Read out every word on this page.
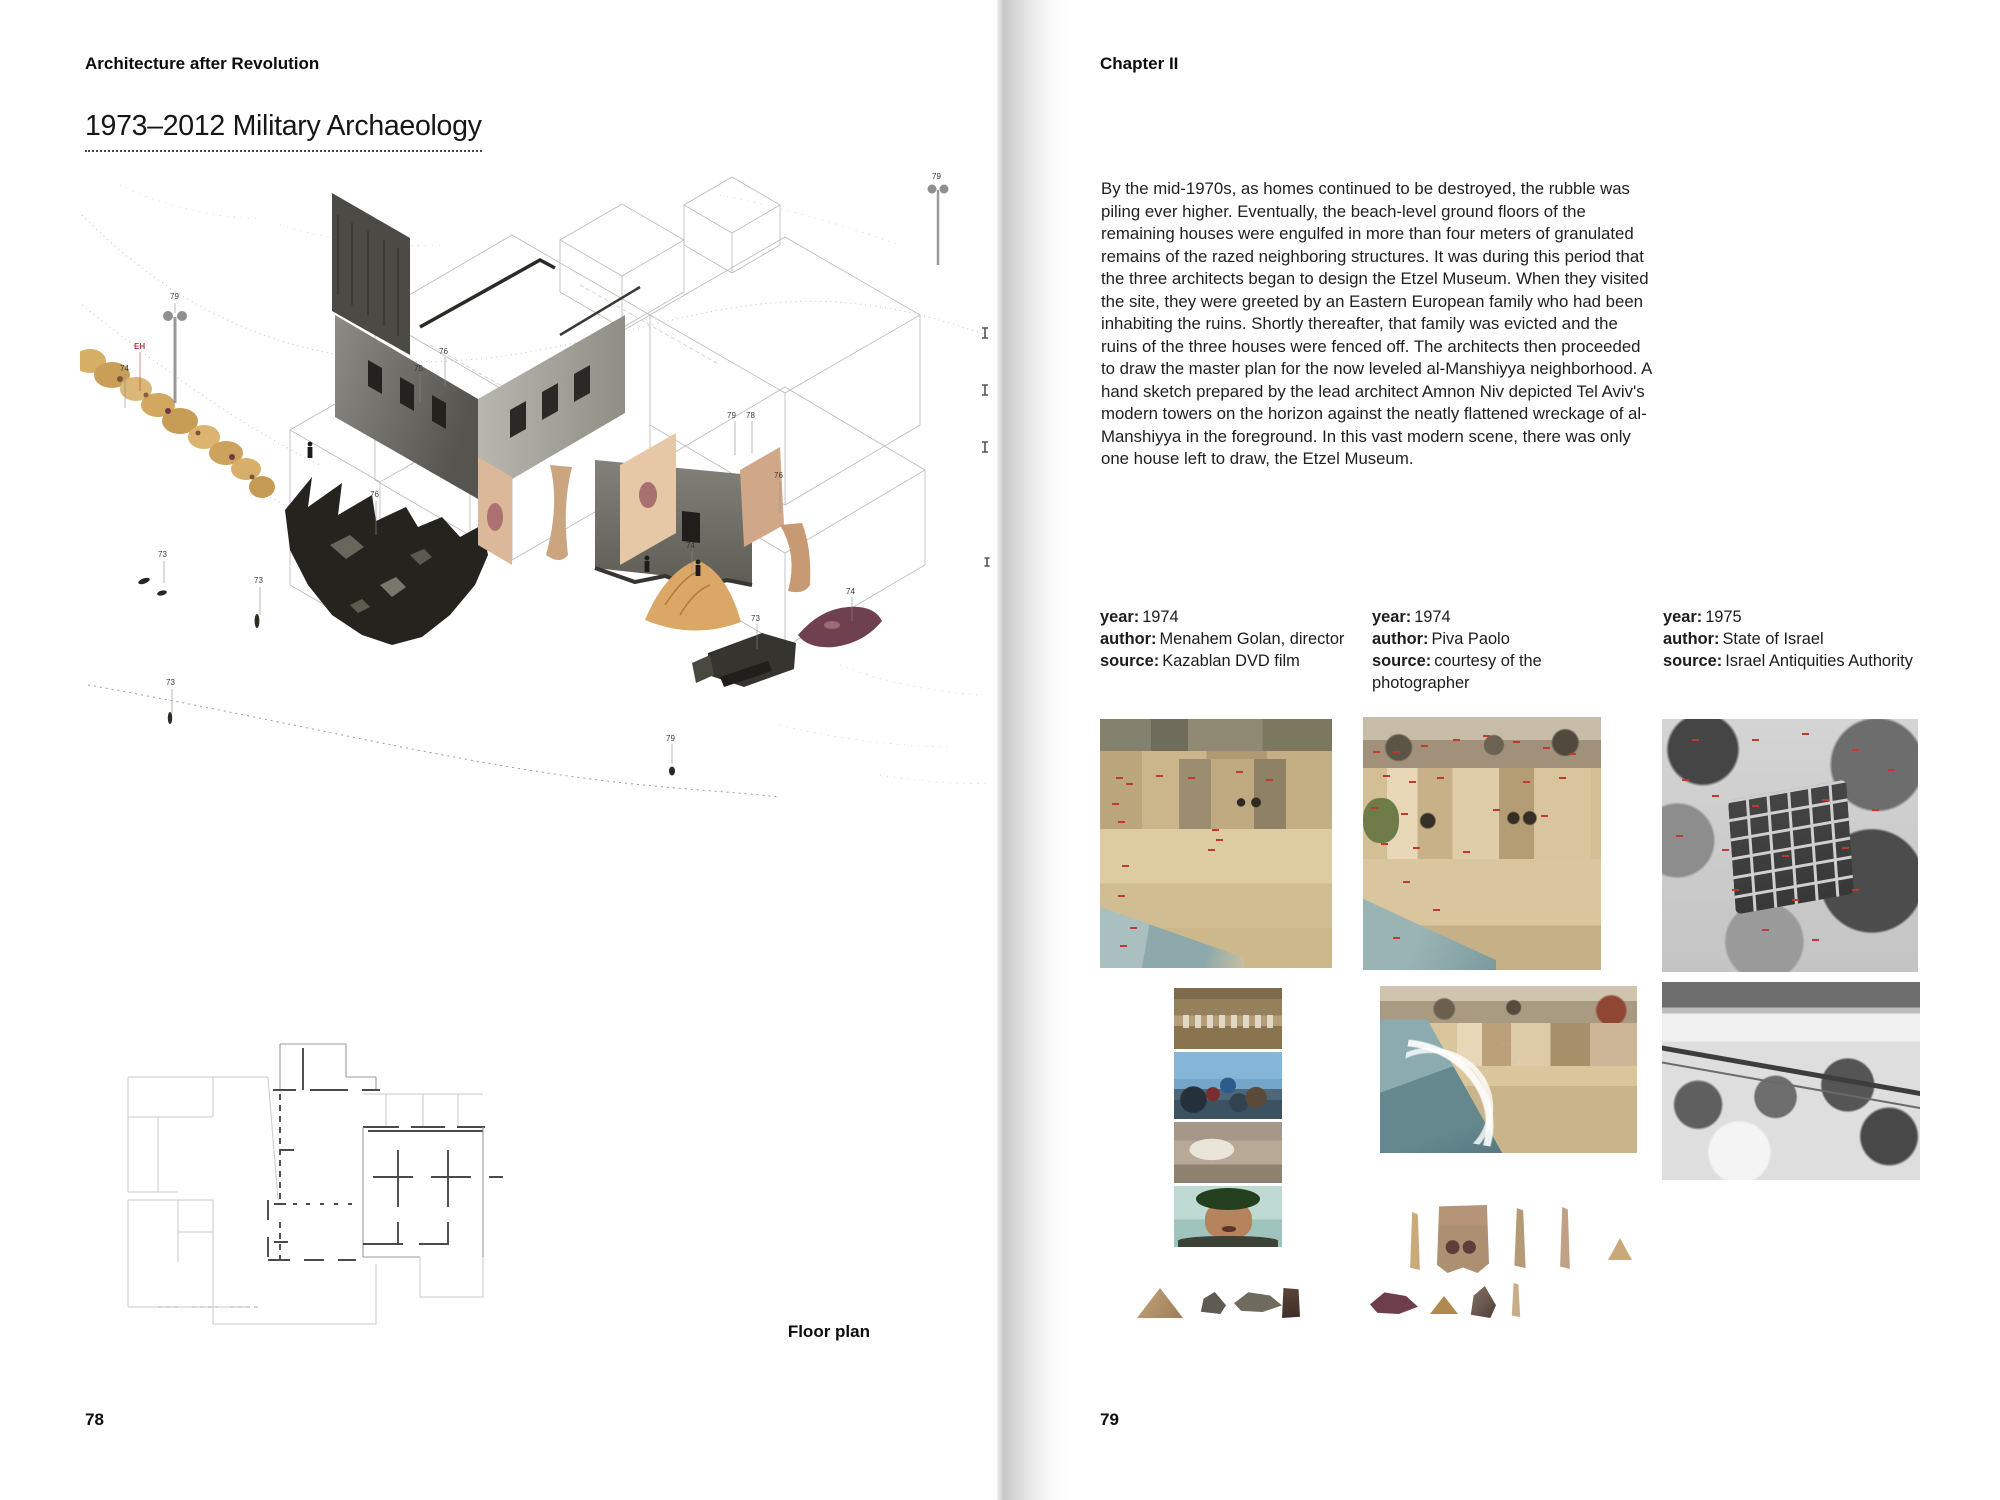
Architecture after Revolution
1973–2012 Military Archaeology
EH
74
79
79
73
73
73
76
75
76
76
78
79
74
74
73
79
Floor plan
78
Chapter II
By the mid-1970s, as homes continued to be destroyed, the rubble was piling ever higher. Eventually, the beach-level ground floors of the remaining houses were engulfed in more than four meters of granulated remains of the razed neighboring structures. It was during this period that the three architects began to design the Etzel Museum. When they visited the site, they were greeted by an Eastern European family who had been inhabiting the ruins. Shortly thereafter, that family was evicted and the ruins of the three houses were fenced off. The architects then proceeded to draw the master plan for the now leveled al-Manshiyya neighborhood. A hand sketch prepared by the lead architect Amnon Niv depicted Tel Aviv's modern towers on the horizon against the neatly flattened wreckage of al-Manshiyya in the foreground. In this vast modern scene, there was only one house left to draw, the Etzel Museum.
year: 1974
author: Menahem Golan, director
source: Kazablan DVD film
year: 1974
author: Piva Paolo
source: courtesy of the photographer
year: 1975
author: State of Israel
source: Israel Antiquities Authority
79
